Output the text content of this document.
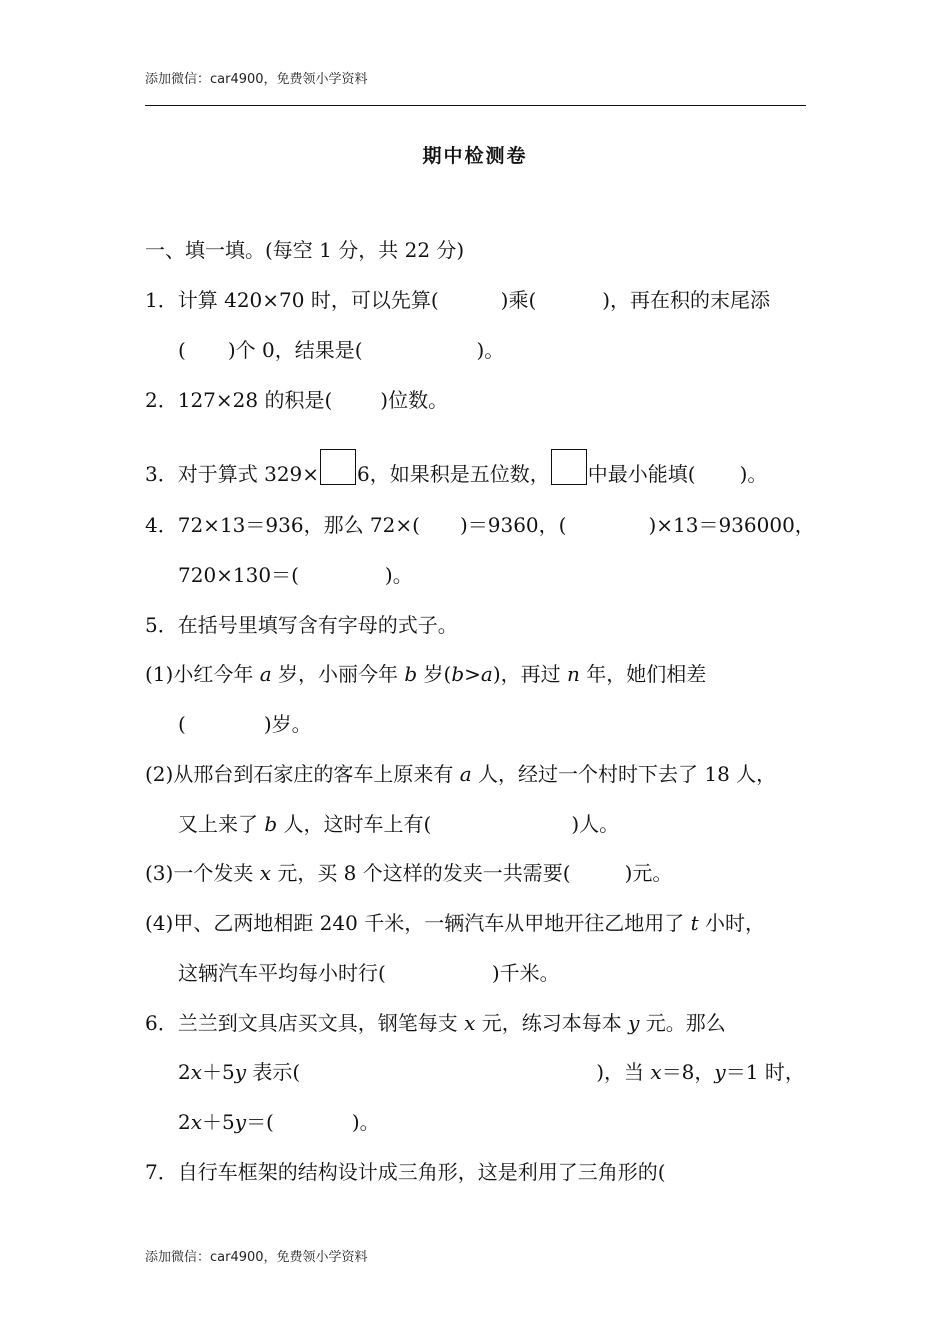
添加微信：car4900，免费领小学资料
期中检测卷
一、填一填。(每空 1 分，共 22 分)
1．计算 420×70 时，可以先算(	)乘(	)，再在积的末尾添
( )个 0，结果是(	)。
2．127×28 的积是( )位数。
3．对于算式 329× 6，如果积是五位数， 中最小能填( )。
4．72×13＝936，那么 72×( )＝9360，(	)×13＝936000，
720×130＝(	)。
5．在括号里填写含有字母的式子。
(1)小红今年 a 岁，小丽今年 b 岁(b>a)，再过 n 年，她们相差
(	)岁。
(2)从邢台到石家庄的客车上原来有 a 人，经过一个村时下去了 18 人，
又上来了 b 人，这时车上有(	)人。
(3)一个发夹 x 元，买 8 个这样的发夹一共需要(	)元。
(4)甲、乙两地相距 240 千米，一辆汽车从甲地开往乙地用了 t 小时，
这辆汽车平均每小时行(	)千米。
6．兰兰到文具店买文具，钢笔每支 x 元，练习本每本 y 元。那么
2x＋5y 表示(	)，当 x＝8，y＝1 时，
2x＋5y＝(	)。
7．自行车框架的结构设计成三角形，这是利用了三角形的(
添加微信：car4900，免费领小学资料
